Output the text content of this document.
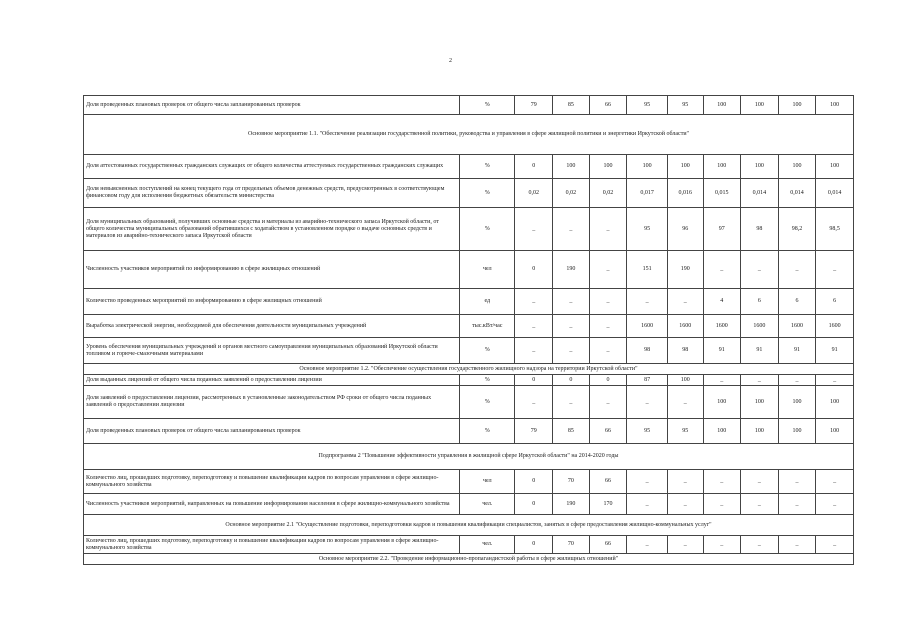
2
Доля проведенных плановых проверок от общего числа запланированных проверок	%	79	85	66	95	95	100	100	100	100
Основное мероприятие 1.1. "Обеспечение реализации государственной политики, руководства и управления в сфере жилищной политики и энергетики Иркутской области"										
Доля аттестованных государственных гражданских служащих от общего количества аттестуемых государственных гражданских служащих	%	0	100	100	100	100	100	100	100	100
Доля невыясненных поступлений на конец текущего года от предельных объемов денежных средств, предусмотренных в соответствующем финансовом году для исполнения бюджетных обязательств министерства	%	0,02	0,02	0,02	0,017	0,016	0,015	0,014	0,014	0,014
Доля муниципальных образований, получивших основные средства и материалы из аварийно-технического запаса Иркутской области, от общего количества муниципальных образований обратившихся с ходатайством в установленном порядке о выдаче основных средств и материалов из аварийно-технического запаса Иркутской области	%	_	_	_	95	96	97	98	98,2	98,5
Численность участников мероприятий по информированию в сфере жилищных отношений	чел	0	190	_	151	190	_	_	_	_
Количество проведенных мероприятий по информированию в сфере жилищных отношений	ед	_	_	_	_	_	4	6	6	6
Выработка электрической энергии, необходимой для обеспечения деятельности муниципальных учреждений	тыс.кВт/час	_	_	_	1600	1600	1600	1600	1600	1600
Уровень обеспечения муниципальных учреждений и органов местного самоуправления муниципальных образований Иркутской области топливом и горюче-смазочными материалами	%	_	_	_	98	98	91	91	91	91
Основное мероприятие 1.2. "Обеспечение осуществления государственного жилищного надзора на территории Иркутской области"										
Доля выданных лицензий от общего числа поданных заявлений о предоставлении лицензии	%	0	0	0	87	100	_	_	_	_
Доля заявлений о предоставлении лицензии, рассмотренных в установленные законодательством РФ сроки от общего числа поданных заявлений о предоставлении лицензии	%	_	_	_	_	_	100	100	100	100
Доля проведенных плановых проверок от общего числа запланированных проверок	%	79	85	66	95	95	100	100	100	100
Подпрограмма 2 "Повышение эффективности управления в жилищной сфере Иркутской области" на 2014-2020 годы										
Количество лиц, прошедших подготовку, переподготовку и повышение квалификации кадров по вопросам управления в сфере жилищно-коммунального хозяйства	чел	0	70	66	_	_	_	_	_	_
Численность участников мероприятий, направленных на повышение информирования населения в сфере жилищно-коммунального хозяйства	чел.	0	190	170	_	_	_	_	_	_
Основное мероприятие 2.1 "Осуществление подготовки, переподготовки кадров и повышения квалификации специалистов, занятых в сфере предоставления жилищно-коммунальных услуг"										
Количество лиц, прошедших подготовку, переподготовку и повышение квалификации кадров по вопросам управления в сфере жилищно-коммунального хозяйства	чел.	0	70	66	_	_	_	_	_	_
Основное мероприятие 2.2. "Проведение информационно-пропагандистской работы в сфере жилищных отношений"										
